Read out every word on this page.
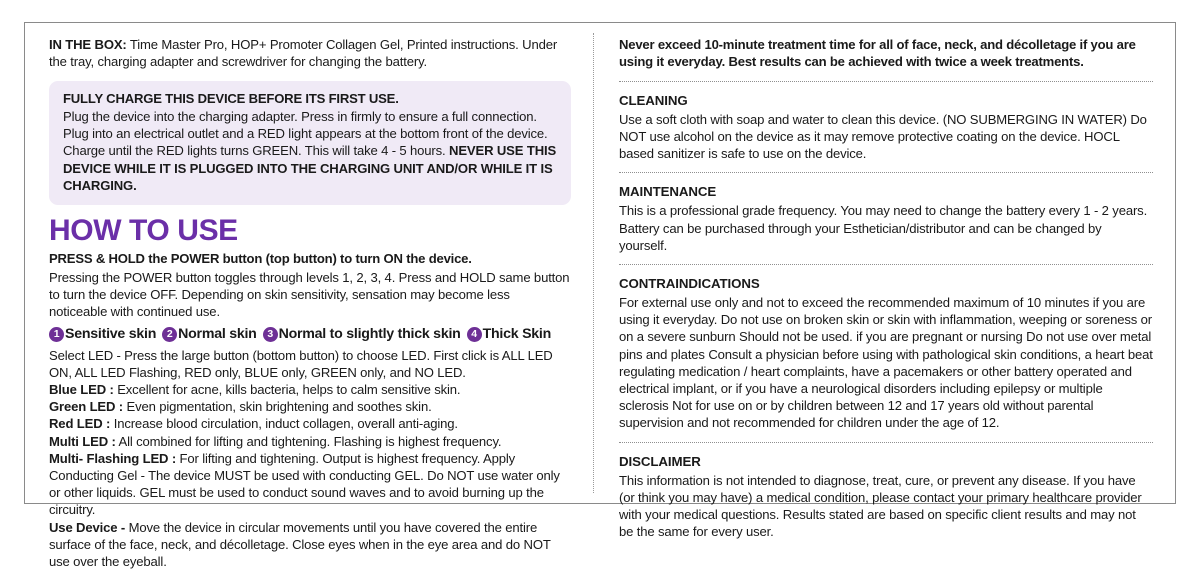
IN THE BOX: Time Master Pro, HOP+ Promoter Collagen Gel, Printed instructions. Under the tray, charging adapter and screwdriver for changing the battery.

FULLY CHARGE THIS DEVICE BEFORE ITS FIRST USE.

Plug the device into the charging adapter. Press in firmly to ensure a full connection. Plug into an electrical outlet and a RED light appears at the bottom front of the device. Charge until the RED lights turns GREEN. This will take 4 - 5 hours. NEVER USE THIS DEVICE WHILE IT IS PLUGGED INTO THE CHARGING UNIT AND/OR WHILE IT IS CHARGING.

HOW TO USE

PRESS & HOLD the POWER button (top button) to turn ON the device.

Pressing the POWER button toggles through levels 1, 2, 3, 4. Press and HOLD same button to turn the device OFF. Depending on skin sensitivity, sensation may become less noticeable with continued use.

1 Sensitive skin 2 Normal skin 3 Normal to slightly thick skin 4 Thick Skin

Select LED - Press the large button (bottom button) to choose LED. First click is ALL LED ON, ALL LED Flashing, RED only, BLUE only, GREEN only, and NO LED.

Blue LED : Excellent for acne, kills bacteria, helps to calm sensitive skin.

Green LED : Even pigmentation, skin brightening and soothes skin.

Red LED : Increase blood circulation, induct collagen, overall anti-aging.

Multi LED : All combined for lifting and tightening. Flashing is highest frequency.

Multi- Flashing LED : For lifting and tightening. Output is highest frequency. Apply Conducting Gel - The device MUST be used with conducting GEL. Do NOT use water only or other liquids. GEL must be used to conduct sound waves and to avoid burning up the circuitry.

Use Device - Move the device in circular movements until you have covered the entire surface of the face, neck, and décolletage. Close eyes when in the eye area and do NOT use over the eyeball.

Never exceed 10-minute treatment time for all of face, neck, and décolletage if you are using it everyday. Best results can be achieved with twice a week treatments.

CLEANING

Use a soft cloth with soap and water to clean this device. (NO SUBMERGING IN WATER) Do NOT use alcohol on the device as it may remove protective coating on the device. HOCL based sanitizer is safe to use on the device.

MAINTENANCE

This is a professional grade frequency. You may need to change the battery every 1 - 2 years. Battery can be purchased through your Esthetician/distributor and can be changed by yourself.

CONTRAINDICATIONS

For external use only and not to exceed the recommended maximum of 10 minutes if you are using it everyday. Do not use on broken skin or skin with inflammation, weeping or soreness or on a severe sunburn Should not be used. if you are pregnant or nursing Do not use over metal pins and plates Consult a physician before using with pathological skin conditions, a heart beat regulating medication / heart complaints, have a pacemakers or other battery operated and electrical implant, or if you have a neurological disorders including epilepsy or multiple sclerosis Not for use on or by children between 12 and 17 years old without parental supervision and not recommended for children under the age of 12.

DISCLAIMER

This information is not intended to diagnose, treat, cure, or prevent any disease. If you have (or think you may have) a medical condition, please contact your primary healthcare provider with your medical questions. Results stated are based on specific client results and may not be the same for every user.
